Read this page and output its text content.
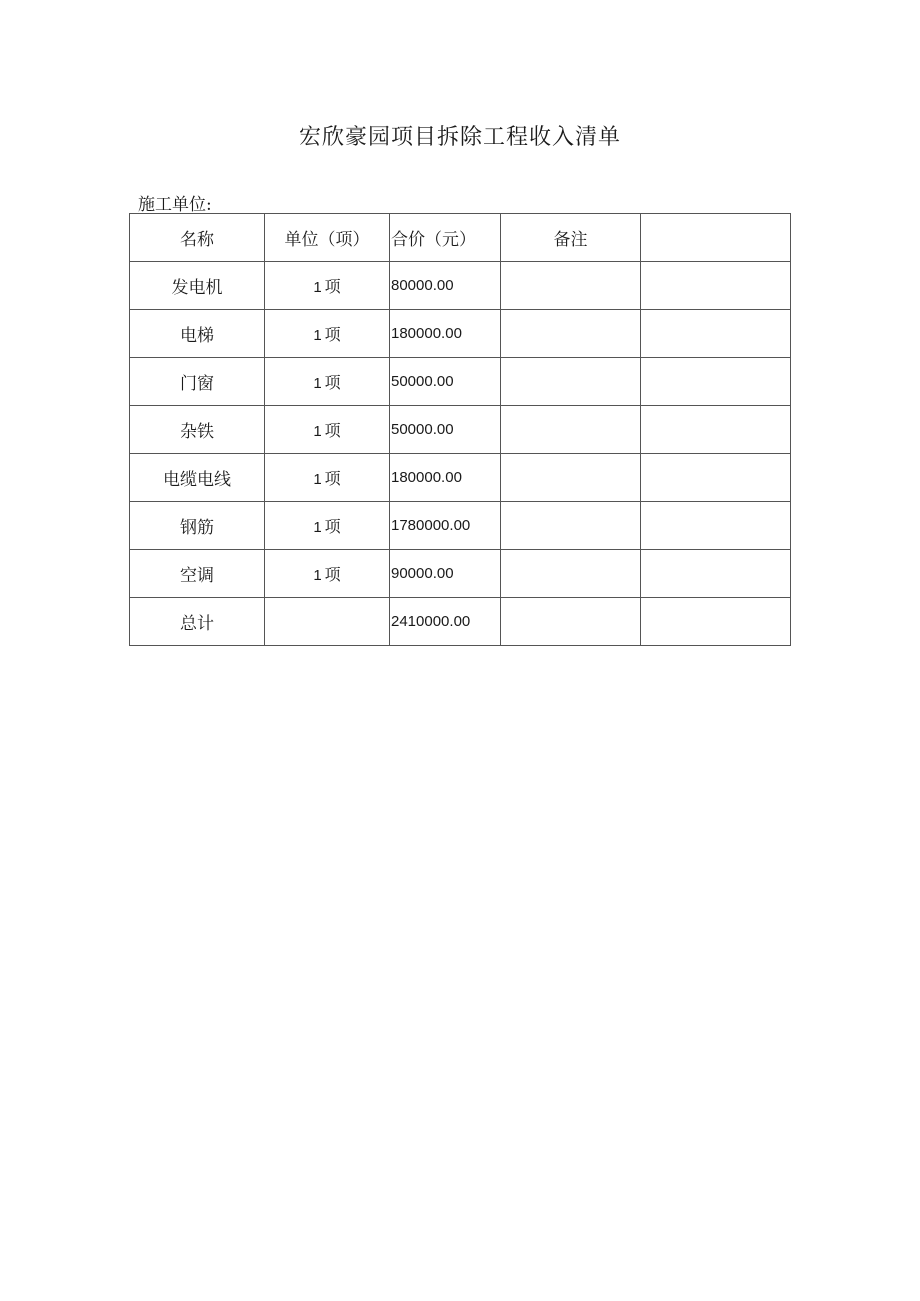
宏欣豪园项目拆除工程收入清单
施工单位:
名称	单位（项）	合价（元）	备注	
发电机	1 项	80000.00		
电梯	1 项	180000.00		
门窗	1 项	50000.00		
杂铁	1 项	50000.00		
电缆电线	1 项	180000.00		
钢筋	1 项	1780000.00		
空调	1 项	90000.00		
总计		2410000.00		
